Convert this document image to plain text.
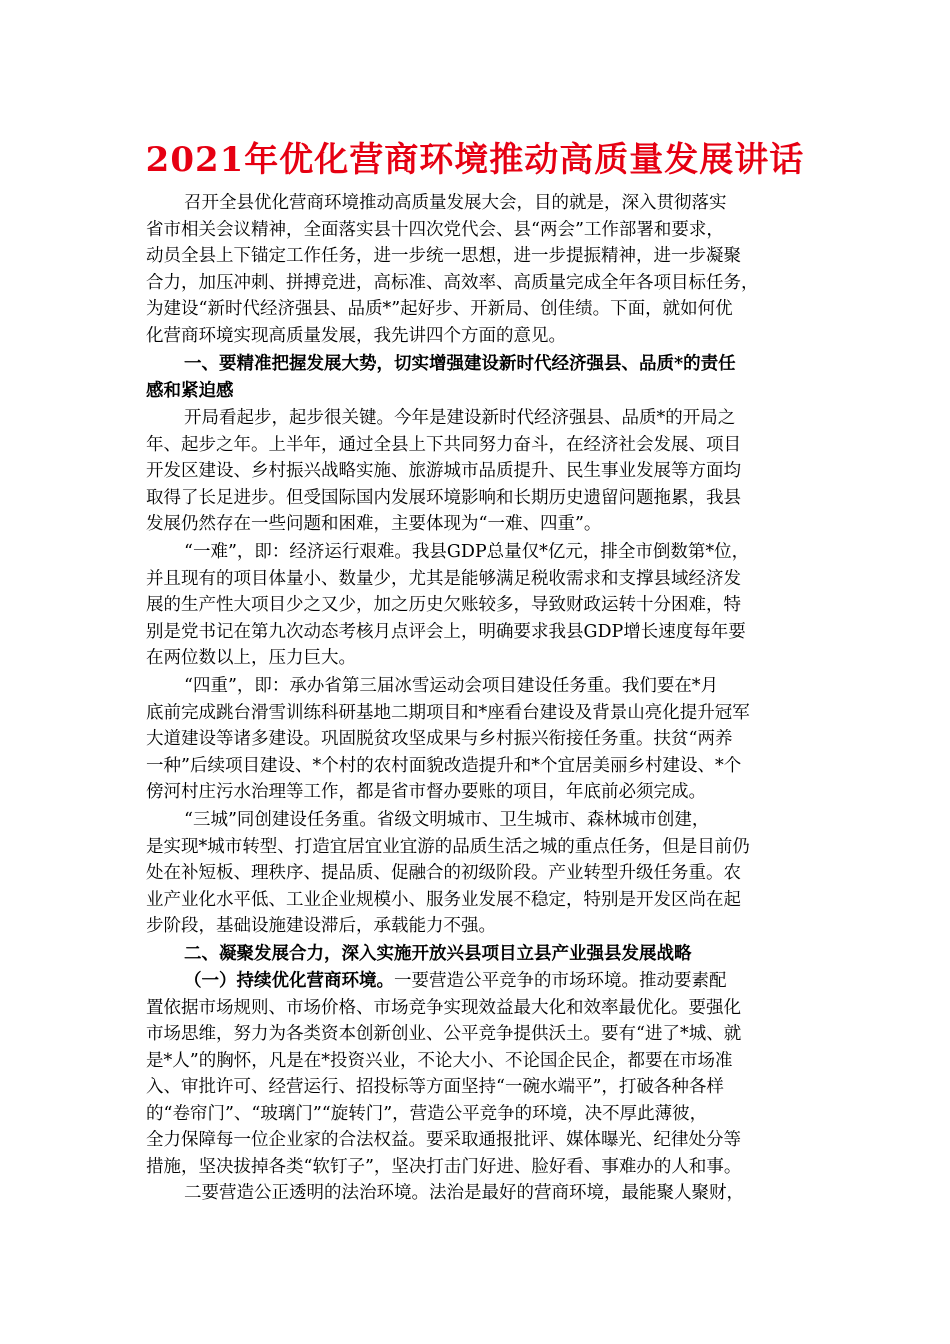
2021年优化营商环境推动高质量发展讲话
召开全县优化营商环境推动高质量发展大会，目的就是，深入贯彻落实
省市相关会议精神，全面落实县十四次党代会、县“两会”工作部署和要求，
动员全县上下锚定工作任务，进一步统一思想，进一步提振精神，进一步凝聚
合力，加压冲刺、拼搏竞进，高标准、高效率、高质量完成全年各项目标任务，
为建设“新时代经济强县、品质*”起好步、开新局、创佳绩。下面，就如何优
化营商环境实现高质量发展，我先讲四个方面的意见。
一、要精准把握发展大势，切实增强建设新时代经济强县、品质*的责任
感和紧迫感
开局看起步，起步很关键。今年是建设新时代经济强县、品质*的开局之
年、起步之年。上半年，通过全县上下共同努力奋斗，在经济社会发展、项目
开发区建设、乡村振兴战略实施、旅游城市品质提升、民生事业发展等方面均
取得了长足进步。但受国际国内发展环境影响和长期历史遗留问题拖累，我县
发展仍然存在一些问题和困难，主要体现为“一难、四重”。
“一难”，即：经济运行艰难。我县GDP总量仅*亿元，排全市倒数第*位，
并且现有的项目体量小、数量少，尤其是能够满足税收需求和支撑县域经济发
展的生产性大项目少之又少，加之历史欠账较多，导致财政运转十分困难，特
别是党书记在第九次动态考核月点评会上，明确要求我县GDP增长速度每年要
在两位数以上，压力巨大。
“四重”，即：承办省第三届冰雪运动会项目建设任务重。我们要在*月
底前完成跳台滑雪训练科研基地二期项目和*座看台建设及背景山亮化提升冠军
大道建设等诸多建设。巩固脱贫攻坚成果与乡村振兴衔接任务重。扶贫“两养
一种”后续项目建设、*个村的农村面貌改造提升和*个宜居美丽乡村建设、*个
傍河村庄污水治理等工作，都是省市督办要账的项目，年底前必须完成。
“三城”同创建设任务重。省级文明城市、卫生城市、森林城市创建，
是实现*城市转型、打造宜居宜业宜游的品质生活之城的重点任务，但是目前仍
处在补短板、理秩序、提品质、促融合的初级阶段。产业转型升级任务重。农
业产业化水平低、工业企业规模小、服务业发展不稳定，特别是开发区尚在起
步阶段，基础设施建设滞后，承载能力不强。
二、凝聚发展合力，深入实施开放兴县项目立县产业强县发展战略
（一）持续优化营商环境。一要营造公平竞争的市场环境。推动要素配
置依据市场规则、市场价格、市场竞争实现效益最大化和效率最优化。要强化
市场思维，努力为各类资本创新创业、公平竞争提供沃土。要有“进了*城、就
是*人”的胸怀，凡是在*投资兴业，不论大小、不论国企民企，都要在市场准
入、审批许可、经营运行、招投标等方面坚持“一碗水端平”，打破各种各样
的“卷帘门”、“玻璃门”“旋转门”，营造公平竞争的环境，决不厚此薄彼，
全力保障每一位企业家的合法权益。要采取通报批评、媒体曝光、纪律处分等
措施，坚决拔掉各类“软钉子”，坚决打击门好进、脸好看、事难办的人和事。
二要营造公正透明的法治环境。法治是最好的营商环境，最能聚人聚财，
